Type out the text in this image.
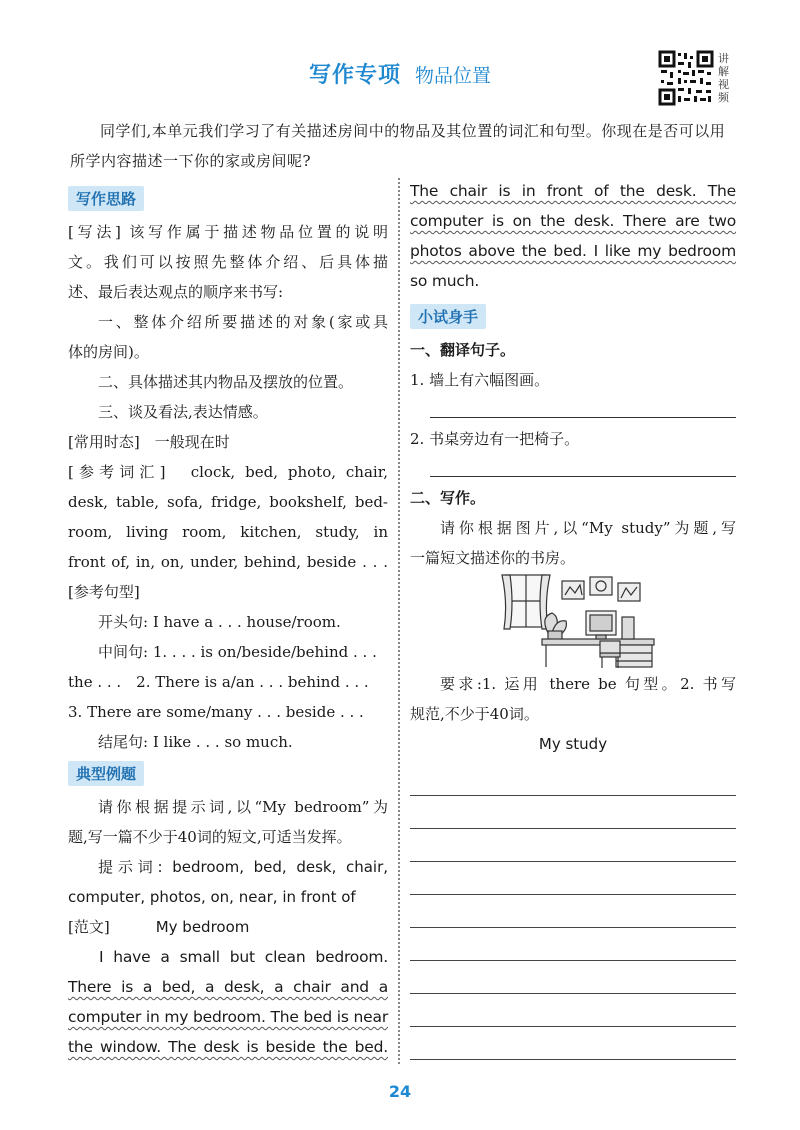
写作专项 物品位置
讲
解
视
频
同学们,本单元我们学习了有关描述房间中的物品及其位置的词汇和句型。你现在是否可以用所学内容描述一下你的家或房间呢?
写作思路
[写法] 该写作属于描述物品位置的说明
文。我们可以按照先整体介绍、后具体描
述、最后表达观点的顺序来书写:
一、整体介绍所要描述的对象(家或具
体的房间)。
二、具体描述其内物品及摆放的位置。
三、谈及看法,表达情感。
[常用时态]　一般现在时
[参考词汇]　clock, bed, photo, chair,
desk, table, sofa, fridge, bookshelf, bed-
room, living room, kitchen, study, in
front of, in, on, under, behind, beside . . .
[参考句型]
开头句: I have a . . . house/room.
中间句: 1. . . . is on/beside/behind . . .
the . . .　2. There is a/an . . . behind . . .
3. There are some/many . . . beside . . .
结尾句: I like . . . so much.
典型例题
请你根据提示词,以“My bedroom”为
题,写一篇不少于40词的短文,可适当发挥。
提示词: bedroom, bed, desk, chair,
computer, photos, on, near, in front of
[范文]	My bedroom
I have a small but clean bedroom.
There is a bed, a desk, a chair and a
computer in my bedroom. The bed is near
the window. The desk is beside the bed.
The chair is in front of the desk. The
computer is on the desk. There are two
photos above the bed. I like my bedroom
so much.
小试身手
一、翻译句子。
1. 墙上有六幅图画。
2. 书桌旁边有一把椅子。
二、写作。
请你根据图片,以“My study”为题,写
一篇短文描述你的书房。
要求:1. 运用 there be 句型。2. 书写
规范,不少于40词。
My study
24
